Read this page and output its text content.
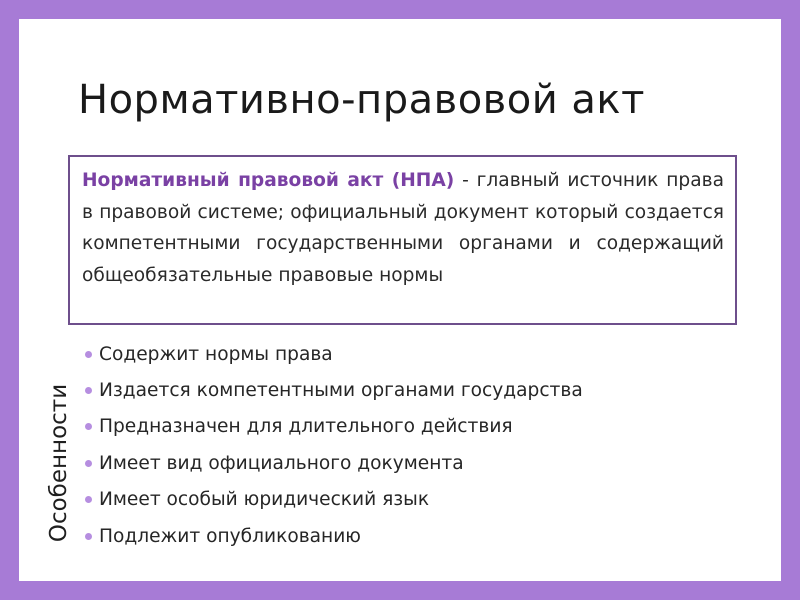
Нормативно-правовой акт
Нормативный правовой акт (НПА) - главный источник права в правовой системе; официальный документ который создается компетентными государственными органами и содержащий общеобязательные правовые нормы
Особенности
Содержит нормы права
Издается компетентными органами государства
Предназначен для длительного действия
Имеет вид официального документа
Имеет особый юридический язык
Подлежит опубликованию
